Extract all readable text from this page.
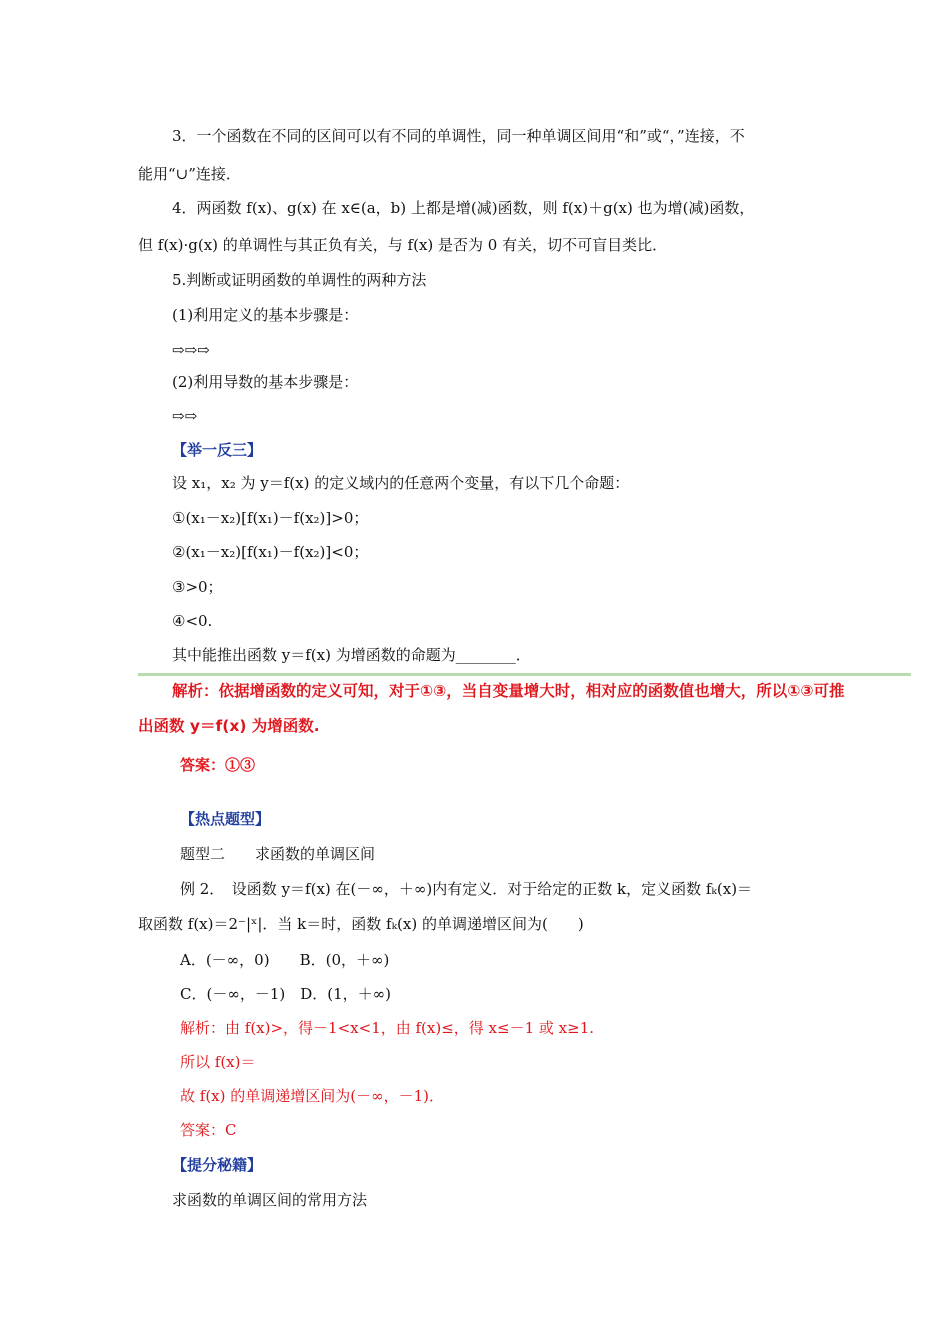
3．一个函数在不同的区间可以有不同的单调性，同一种单调区间用“和”或“，”连接，不
能用“∪”连接．
4．两函数 f(x)、g(x) 在 x∈(a，b) 上都是增(减)函数，则 f(x)＋g(x) 也为增(减)函数，
但 f(x)·g(x) 的单调性与其正负有关，与 f(x) 是否为 0 有关，切不可盲目类比．
5.判断或证明函数的单调性的两种方法
(1)利用定义的基本步骤是：
⇨⇨⇨
(2)利用导数的基本步骤是：
⇨⇨
【举一反三】
设 x₁，x₂ 为 y＝f(x) 的定义域内的任意两个变量，有以下几个命题：
①(x₁－x₂)[f(x₁)－f(x₂)]>0；
②(x₁－x₂)[f(x₁)－f(x₂)]<0；
③>0；
④<0.
其中能推出函数 y＝f(x) 为增函数的命题为________．
解析：依据增函数的定义可知，对于①③，当自变量增大时，相对应的函数值也增大，所以①③可推
出函数 y＝f(x) 为增函数.
答案：①③
【热点题型】
题型二　　求函数的单调区间
例 2．　设函数 y＝f(x) 在(－∞，＋∞)内有定义．对于给定的正数 k，定义函数 fₖ(x)＝
取函数 f(x)＝2⁻|ˣ|．当 k＝时，函数 fₖ(x) 的单调递增区间为(　　)
A．(－∞，0)　　B．(0，＋∞)
C．(－∞，－1)　D．(1，＋∞)
解析：由 f(x)>，得－1<x<1，由 f(x)≤，得 x≤－1 或 x≥1.
所以 f(x)＝
故 f(x) 的单调递增区间为(－∞，－1)．
答案：C
【提分秘籍】
求函数的单调区间的常用方法
